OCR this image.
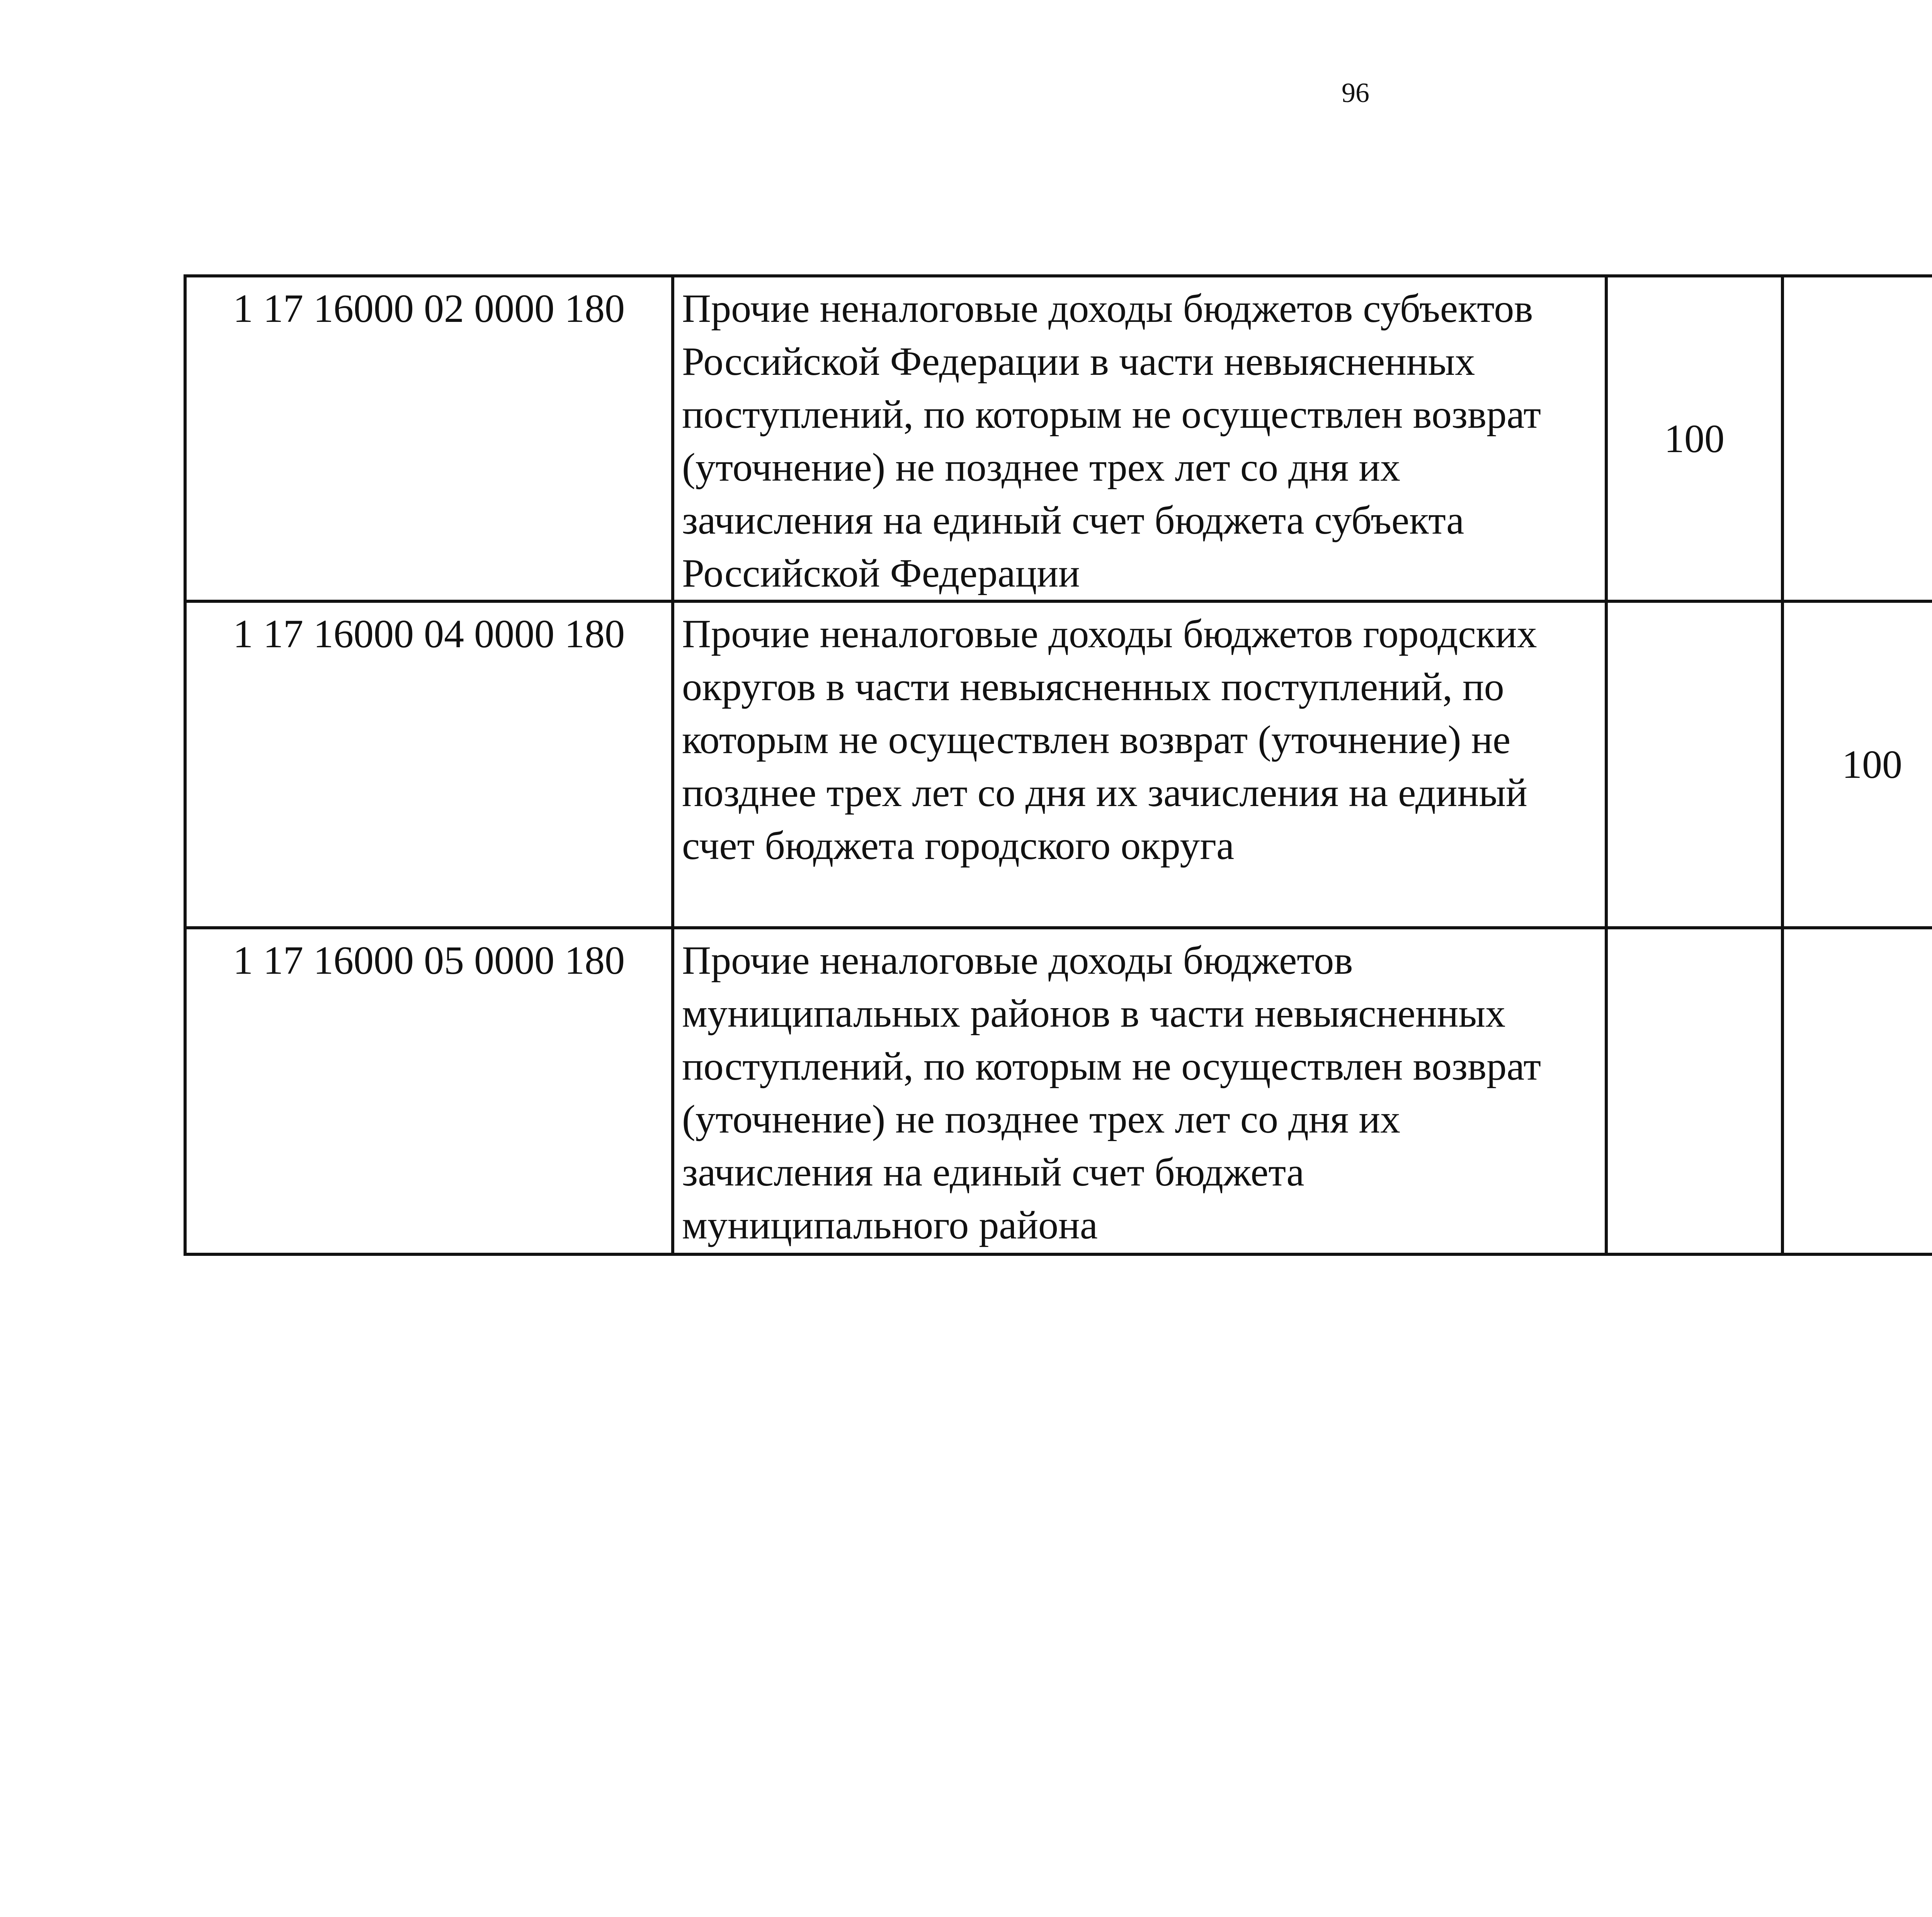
96
1 17 16000 02 0000 180	Прочие неналоговые доходы бюджетов субъектов Российской Федерации в части невыясненных поступлений, по которым не осуществлен возврат (уточнение) не позднее трех лет со дня их зачисления на единый счет бюджета субъекта Российской Федерации	100				
1 17 16000 04 0000 180	Прочие неналоговые доходы бюджетов городских округов в части невыясненных поступлений, по которым не осуществлен возврат (уточнение) не позднее трех лет со дня их зачисления на единый счет бюджета городского округа		100			
1 17 16000 05 0000 180	Прочие неналоговые доходы бюджетов муниципальных районов в части невыясненных поступлений, по которым не осуществлен возврат (уточнение) не позднее трех лет со дня их зачисления на единый счет бюджета муниципального района					
